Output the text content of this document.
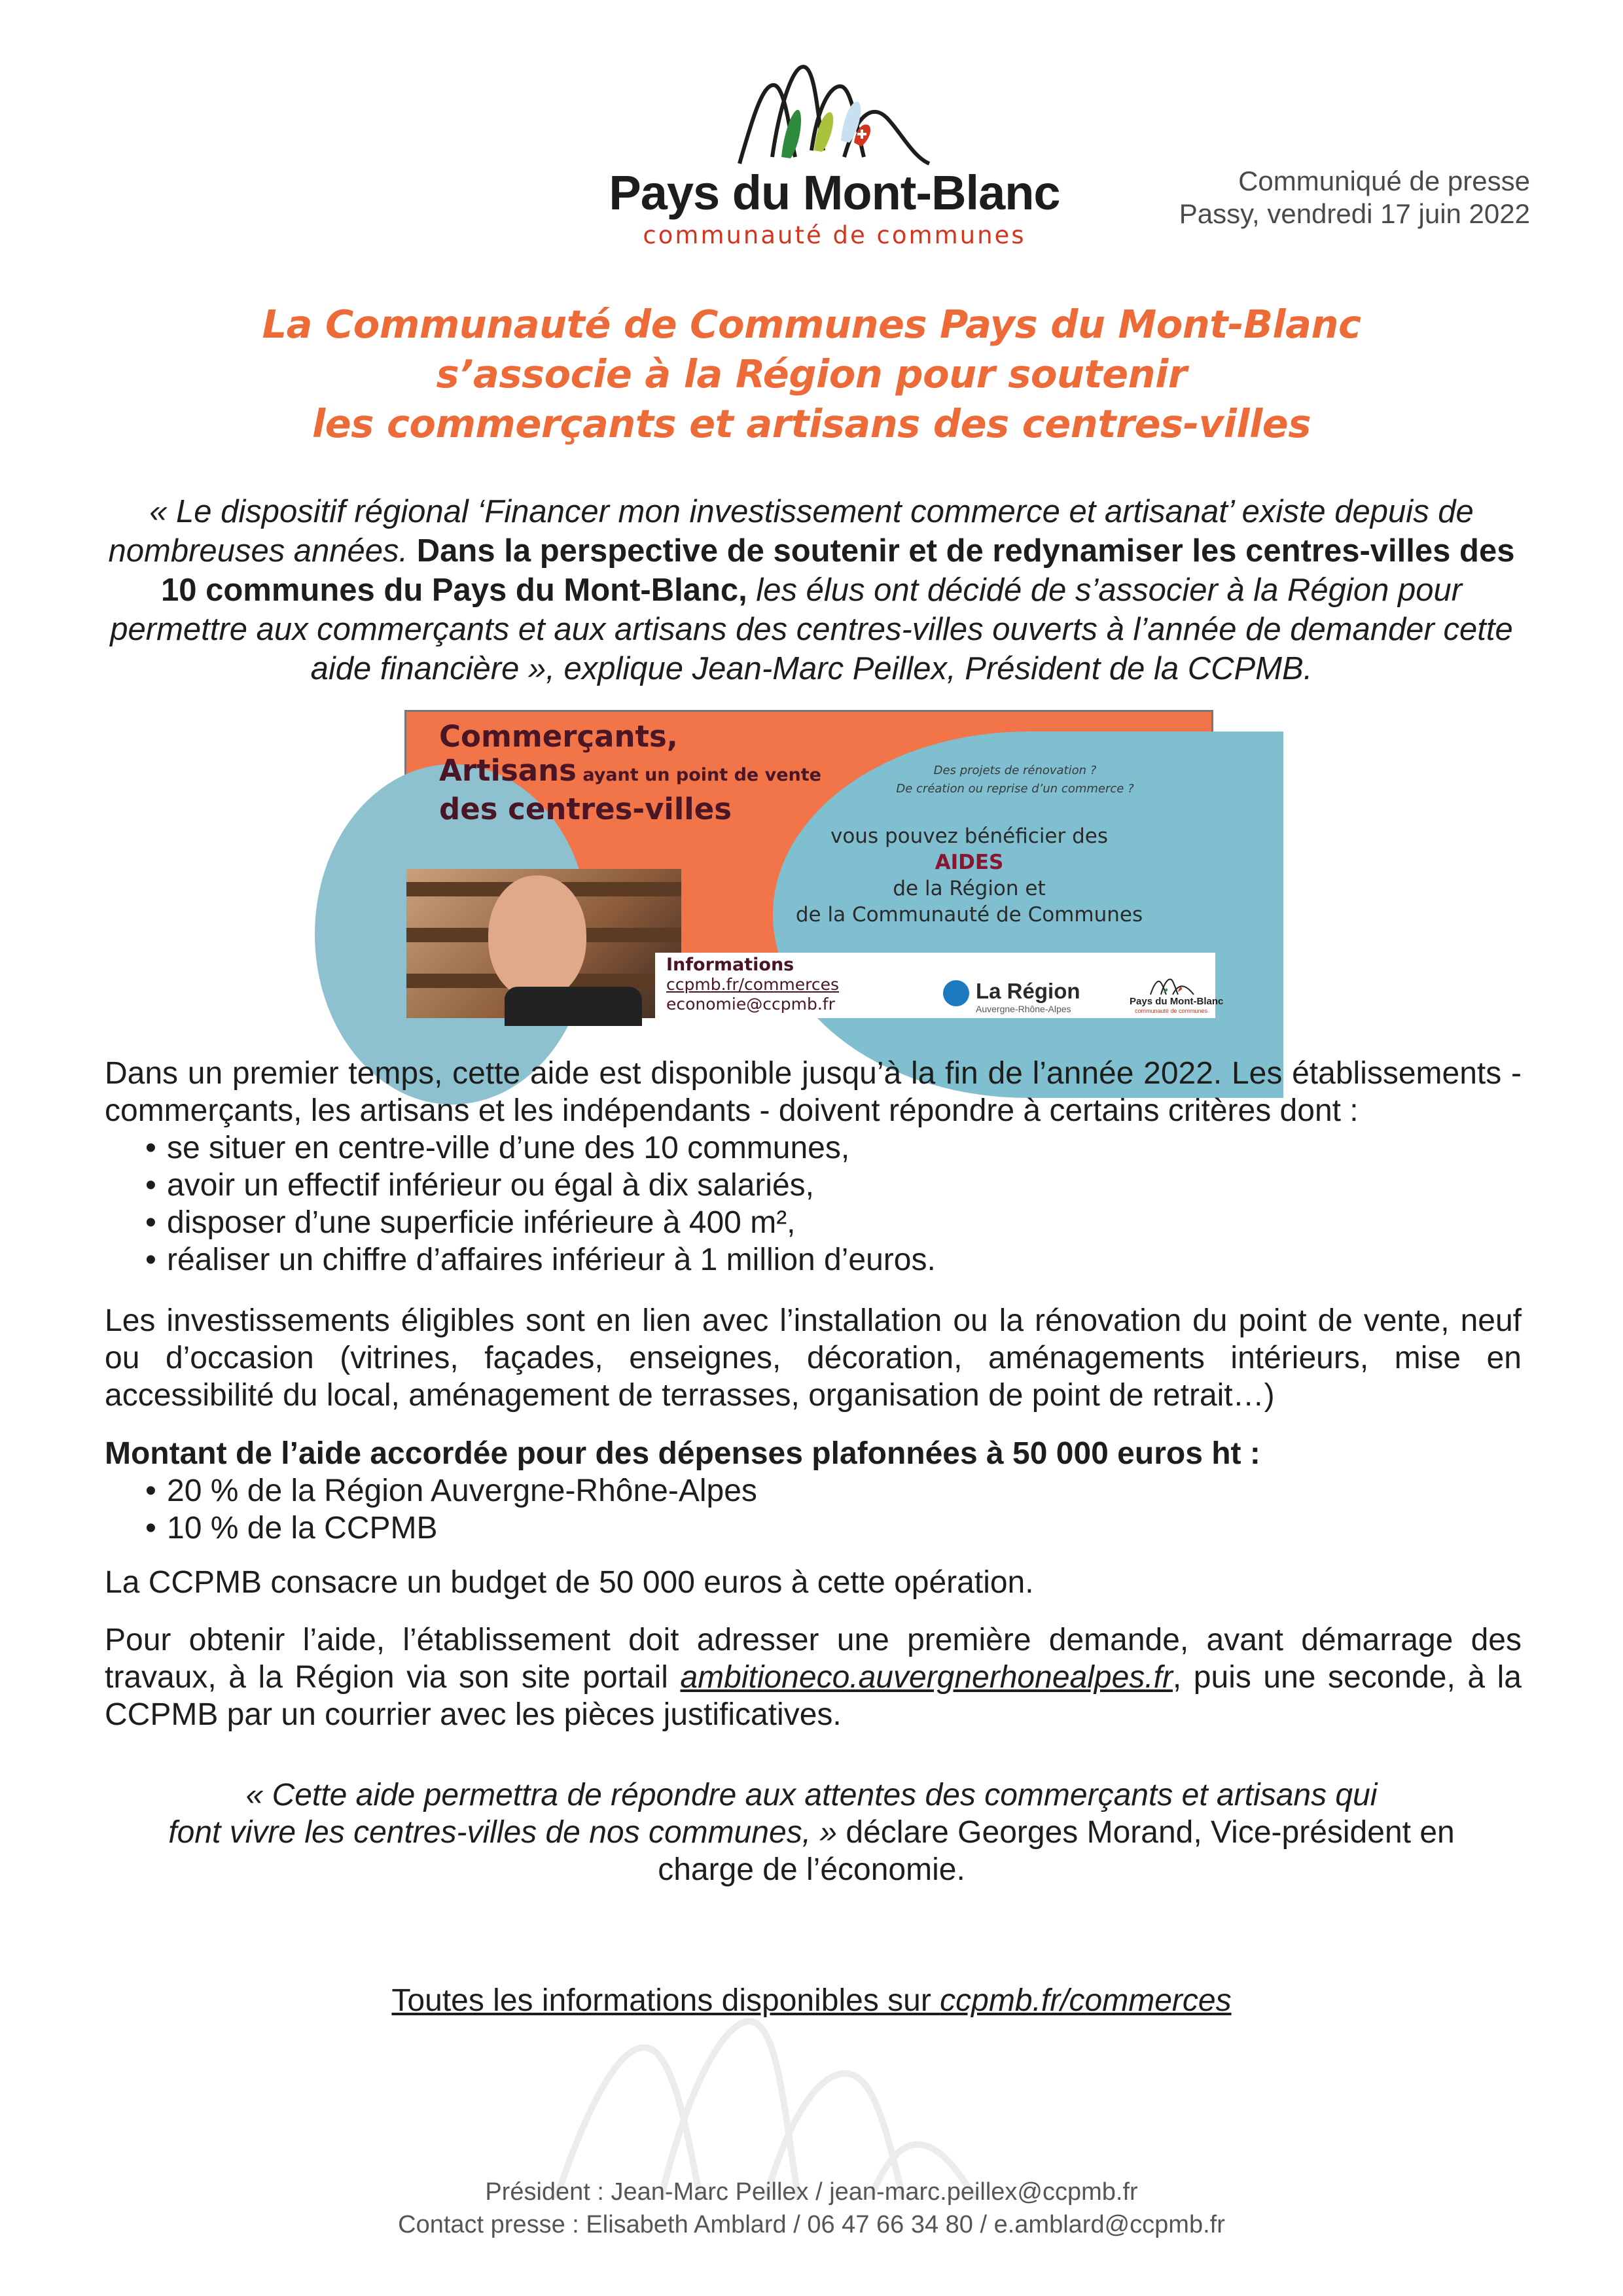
Pays du Mont-Blanc
communauté de communes
Communiqué de presse
Passy, vendredi 17 juin 2022
La Communauté de Communes Pays du Mont-Blanc
s’associe à la Région pour soutenir
les commerçants et artisans des centres-villes
« Le dispositif régional ‘Financer mon investissement commerce et artisanat’ existe depuis de nombreuses années. Dans la perspective de soutenir et de redynamiser les centres-villes des 10 communes du Pays du Mont-Blanc, les élus ont décidé de s’associer à la Région pour permettre aux commerçants et aux artisans des centres-villes ouverts à l’année de demander cette aide financière », explique Jean-Marc Peillex, Président de la CCPMB.
Commerçants,
Artisans ayant un point de vente
des centres-villes
Des projets de rénovation ?
De création ou reprise d’un commerce ?
vous pouvez bénéficier des
AIDES
de la Région et
de la Communauté de Communes
Informations
ccpmb.fr/commerces
economie@ccpmb.fr
La Région
Auvergne-Rhône-Alpes
Pays du Mont-Blanc
communauté de communes
Dans un premier temps, cette aide est disponible jusqu’à la fin de l’année 2022. Les établissements - commerçants, les artisans et les indépendants - doivent répondre à certains critères dont :
• se situer en centre-ville d’une des 10 communes,
• avoir un effectif inférieur ou égal à dix salariés,
• disposer d’une superficie inférieure à 400 m²,
• réaliser un chiffre d’affaires inférieur à 1 million d’euros.
Les investissements éligibles sont en lien avec l’installation ou la rénovation du point de vente, neuf ou d’occasion (vitrines, façades, enseignes, décoration, aménagements intérieurs, mise en accessibilité du local, aménagement de terrasses, organisation de point de retrait…)
Montant de l’aide accordée pour des dépenses plafonnées à 50 000 euros ht :
• 20 % de la Région Auvergne-Rhône-Alpes
• 10 % de la CCPMB
La CCPMB consacre un budget de 50 000 euros à cette opération.
Pour obtenir l’aide, l’établissement doit adresser une première demande, avant démarrage des travaux, à la Région via son site portail ambitioneco.auvergnerhonealpes.fr, puis une seconde, à la CCPMB par un courrier avec les pièces justificatives.
« Cette aide permettra de répondre aux attentes des commerçants et artisans qui
font vivre les centres-villes de nos communes, » déclare Georges Morand, Vice-président en
charge de l’économie.
Toutes les informations disponibles sur ccpmb.fr/commerces
Président : Jean-Marc Peillex / jean-marc.peillex@ccpmb.fr
Contact presse : Elisabeth Amblard / 06 47 66 34 80 / e.amblard@ccpmb.fr
